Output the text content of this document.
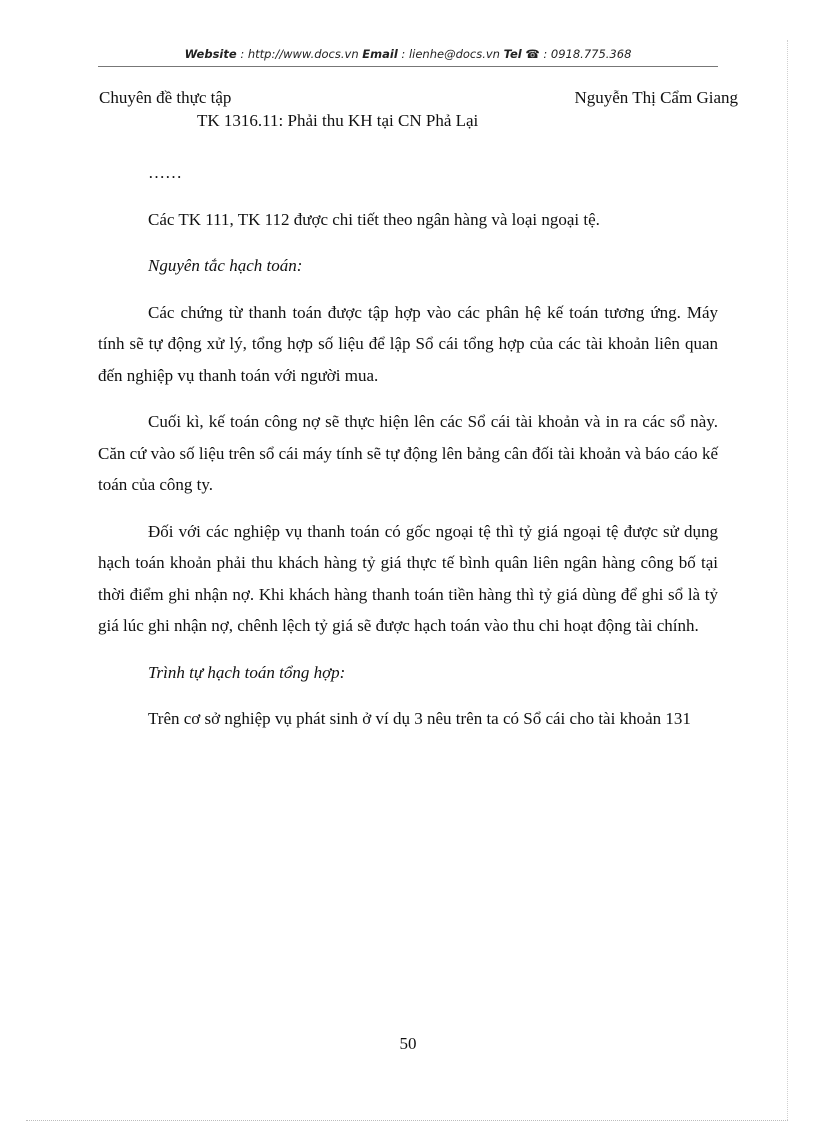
Website : http://www.docs.vn Email : lienhe@docs.vn Tel ☎ : 0918.775.368
Chuyên đề thực tập	Nguyễn Thị Cẩm Giang
TK 1316.11: Phải thu KH tại CN Phả Lại

……

Các TK 111, TK 112 được chi tiết theo ngân hàng và loại ngoại tệ.

Nguyên tắc hạch toán:

Các chứng từ thanh toán được tập hợp vào các phân hệ kế toán tương ứng. Máy tính sẽ tự động xử lý, tổng hợp số liệu để lập Sổ cái tổng hợp của các tài khoản liên quan đến nghiệp vụ thanh toán với người mua.

Cuối kì, kế toán công nợ sẽ thực hiện lên các Sổ cái tài khoản và in ra các sổ này. Căn cứ vào số liệu trên sổ cái máy tính sẽ tự động lên bảng cân đối tài khoản và báo cáo kế toán của công ty.

Đối với các nghiệp vụ thanh toán có gốc ngoại tệ thì tỷ giá ngoại tệ được sử dụng hạch toán khoản phải thu khách hàng tỷ giá thực tế bình quân liên ngân hàng công bố tại thời điểm ghi nhận nợ. Khi khách hàng thanh toán tiền hàng thì tỷ giá dùng để ghi sổ là tỷ giá lúc ghi nhận nợ, chênh lệch tỷ giá sẽ được hạch toán vào thu chi hoạt động tài chính.

Trình tự hạch toán tổng hợp:

Trên cơ sở nghiệp vụ phát sinh ở ví dụ 3 nêu trên ta có Sổ cái cho tài khoản 131

50
